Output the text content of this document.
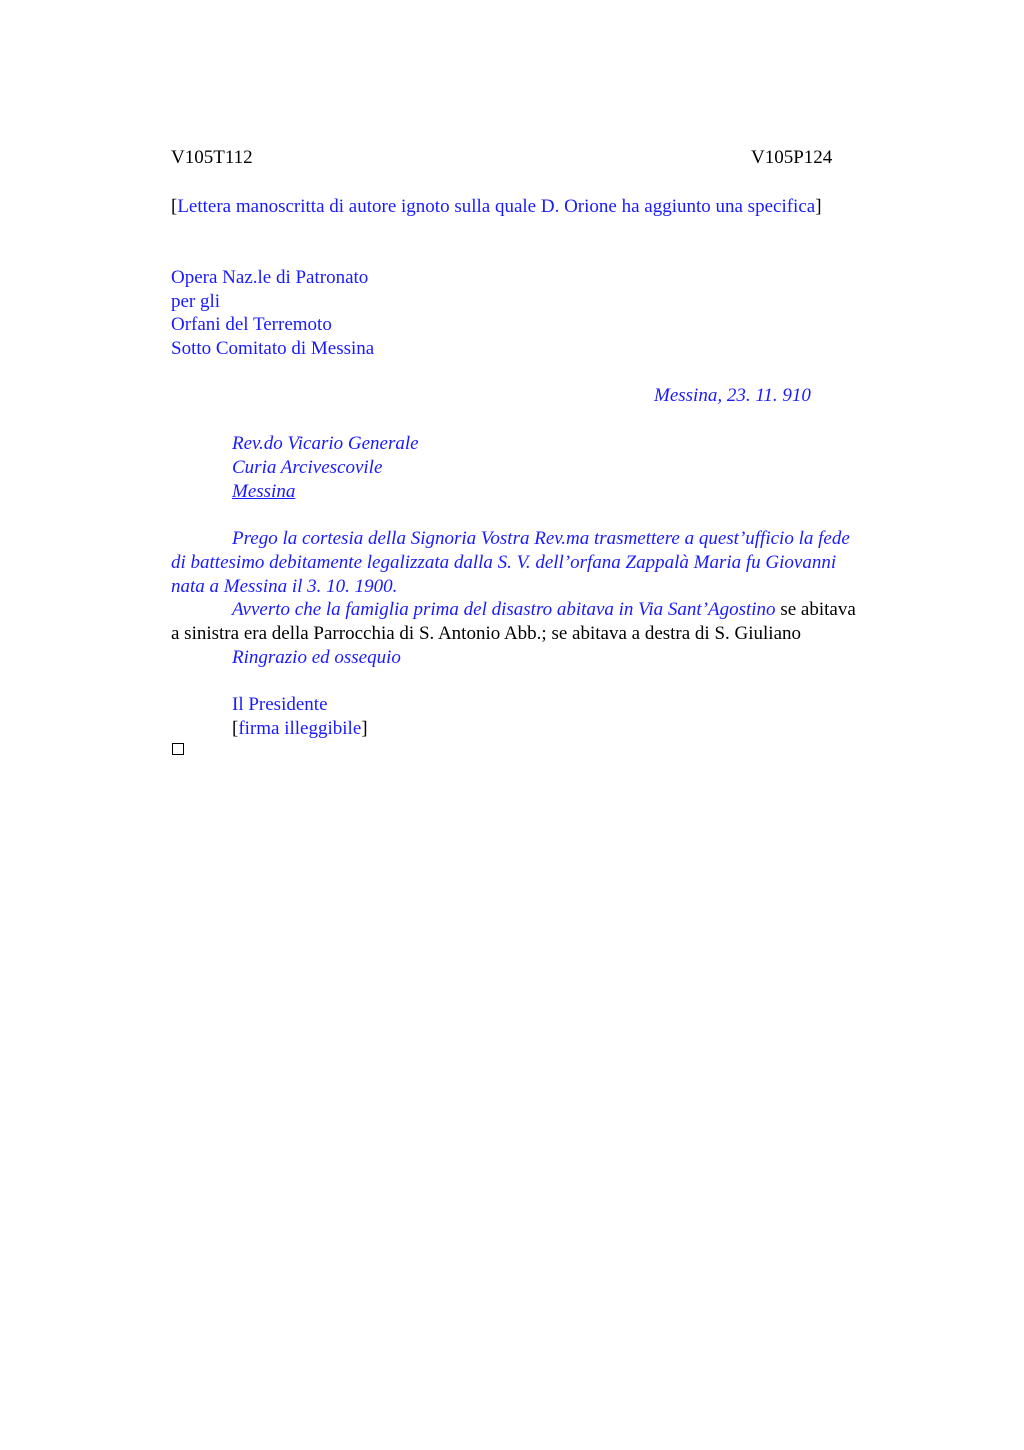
V105T112	V105P124
[Lettera manoscritta di autore ignoto sulla quale D. Orione ha aggiunto una specifica]
Opera Naz.le di Patronato
per gli
Orfani del Terremoto
Sotto Comitato di Messina
Messina, 23. 11. 910
Rev.do Vicario Generale
Curia Arcivescovile
Messina
Prego la cortesia della Signoria Vostra Rev.ma trasmettere a quest’ufficio la fede
di battesimo debitamente legalizzata dalla S. V. dell’orfana Zappalà Maria fu Giovanni
nata a Messina il 3. 10. 1900.
Avverto che la famiglia prima del disastro abitava in Via Sant’Agostino se abitava
a sinistra era della Parrocchia di S. Antonio Abb.; se abitava a destra di S. Giuliano
Ringrazio ed ossequio
Il Presidente
[firma illeggibile]
